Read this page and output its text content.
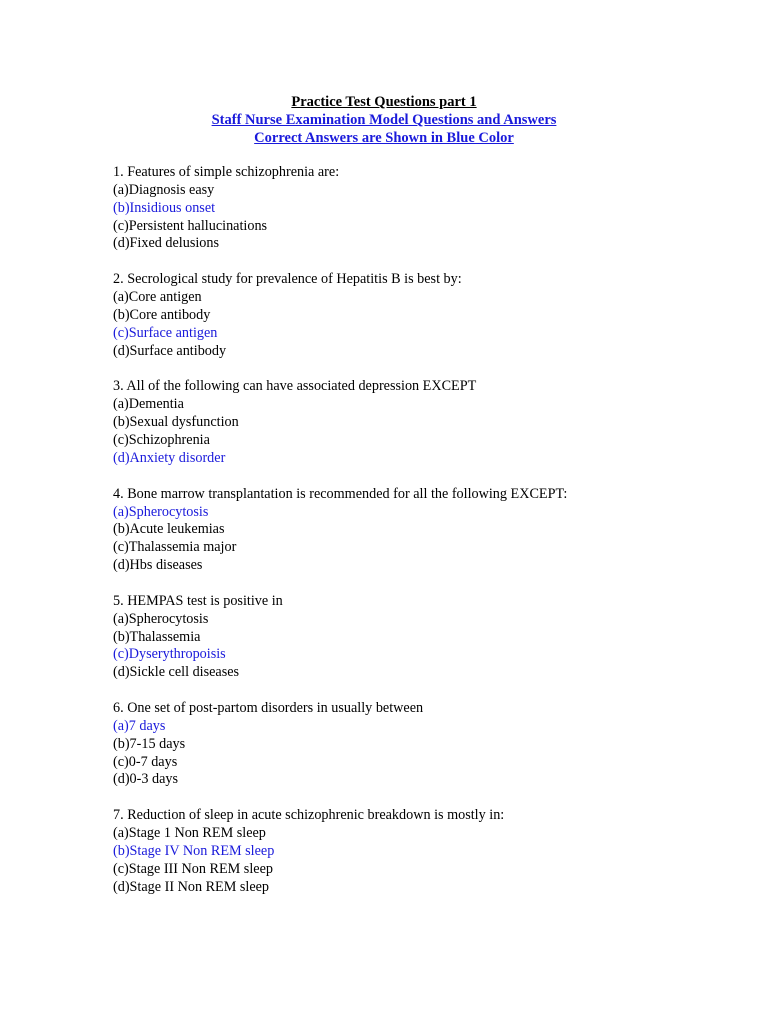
Practice Test Questions part 1
Staff Nurse Examination Model Questions and Answers
Correct Answers are Shown in Blue Color
1. Features of simple schizophrenia are:
(a)Diagnosis easy
(b)Insidious onset
(c)Persistent hallucinations
(d)Fixed delusions
2. Secrological study for prevalence of Hepatitis B is best by:
(a)Core antigen
(b)Core antibody
(c)Surface antigen
(d)Surface antibody
3. All of the following can have associated depression EXCEPT
(a)Dementia
(b)Sexual dysfunction
(c)Schizophrenia
(d)Anxiety disorder
4. Bone marrow transplantation is recommended for all the following EXCEPT:
(a)Spherocytosis
(b)Acute leukemias
(c)Thalassemia major
(d)Hbs diseases
5. HEMPAS test is positive in
(a)Spherocytosis
(b)Thalassemia
(c)Dyserythropoisis
(d)Sickle cell diseases
6. One set of post-partom disorders in usually between
(a)7 days
(b)7-15 days
(c)0-7 days
(d)0-3 days
7. Reduction of sleep in acute schizophrenic breakdown is mostly in:
(a)Stage 1 Non REM sleep
(b)Stage IV Non REM sleep
(c)Stage III Non REM sleep
(d)Stage II Non REM sleep
